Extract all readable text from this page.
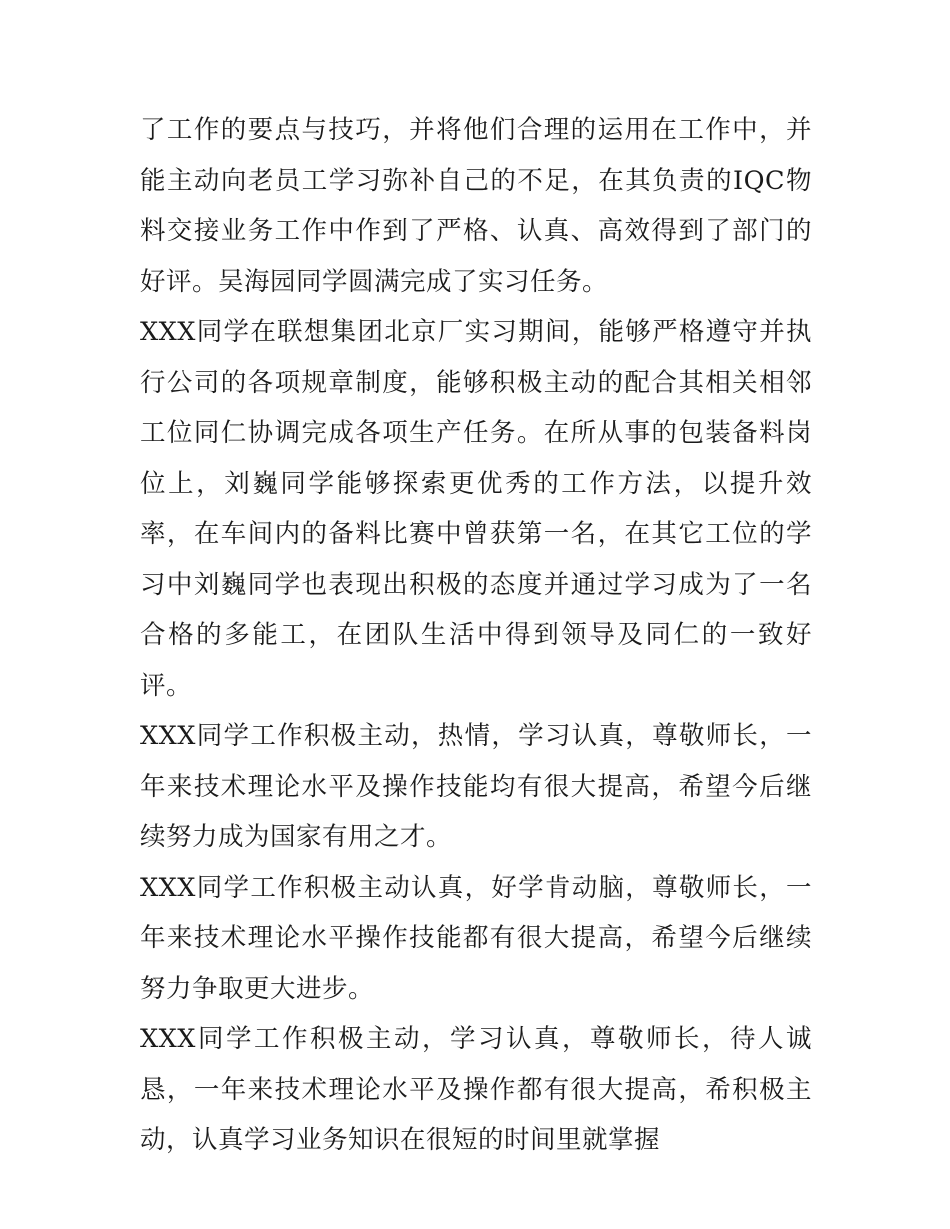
了工作的要点与技巧，并将他们合理的运用在工作中，并能主动向老员工学习弥补自己的不足，在其负责的IQC物料交接业务工作中作到了严格、认真、高效得到了部门的好评。吴海园同学圆满完成了实习任务。

XXX同学在联想集团北京厂实习期间，能够严格遵守并执行公司的各项规章制度，能够积极主动的配合其相关相邻工位同仁协调完成各项生产任务。在所从事的包装备料岗位上，刘巍同学能够探索更优秀的工作方法，以提升效率，在车间内的备料比赛中曾获第一名，在其它工位的学习中刘巍同学也表现出积极的态度并通过学习成为了一名合格的多能工，在团队生活中得到领导及同仁的一致好评。

XXX同学工作积极主动，热情，学习认真，尊敬师长，一年来技术理论水平及操作技能均有很大提高，希望今后继续努力成为国家有用之才。

XXX同学工作积极主动认真，好学肯动脑，尊敬师长，一年来技术理论水平操作技能都有很大提高，希望今后继续努力争取更大进步。

XXX同学工作积极主动，学习认真，尊敬师长，待人诚恳，一年来技术理论水平及操作都有很大提高，希积极主动，认真学习业务知识在很短的时间里就掌握
